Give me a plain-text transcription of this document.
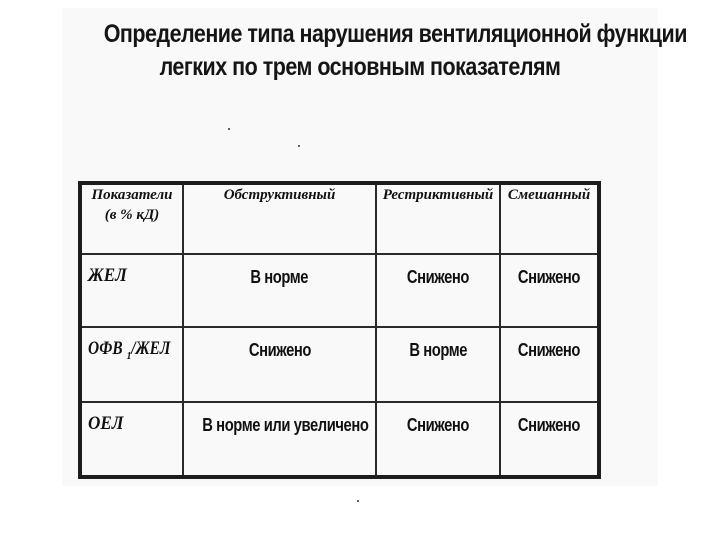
Определение типа нарушения вентиляционной функции
легких по трем основным показателям
Показатели
(в % кД)	Обструктивный	Рестриктивный	Смешанный
ЖЕЛ	В норме	Снижено	Снижено
ОФВ $_1$/ЖЕЛ	Снижено	В норме	Снижено
ОЕЛ	В норме или увеличено	Снижено	Снижено
